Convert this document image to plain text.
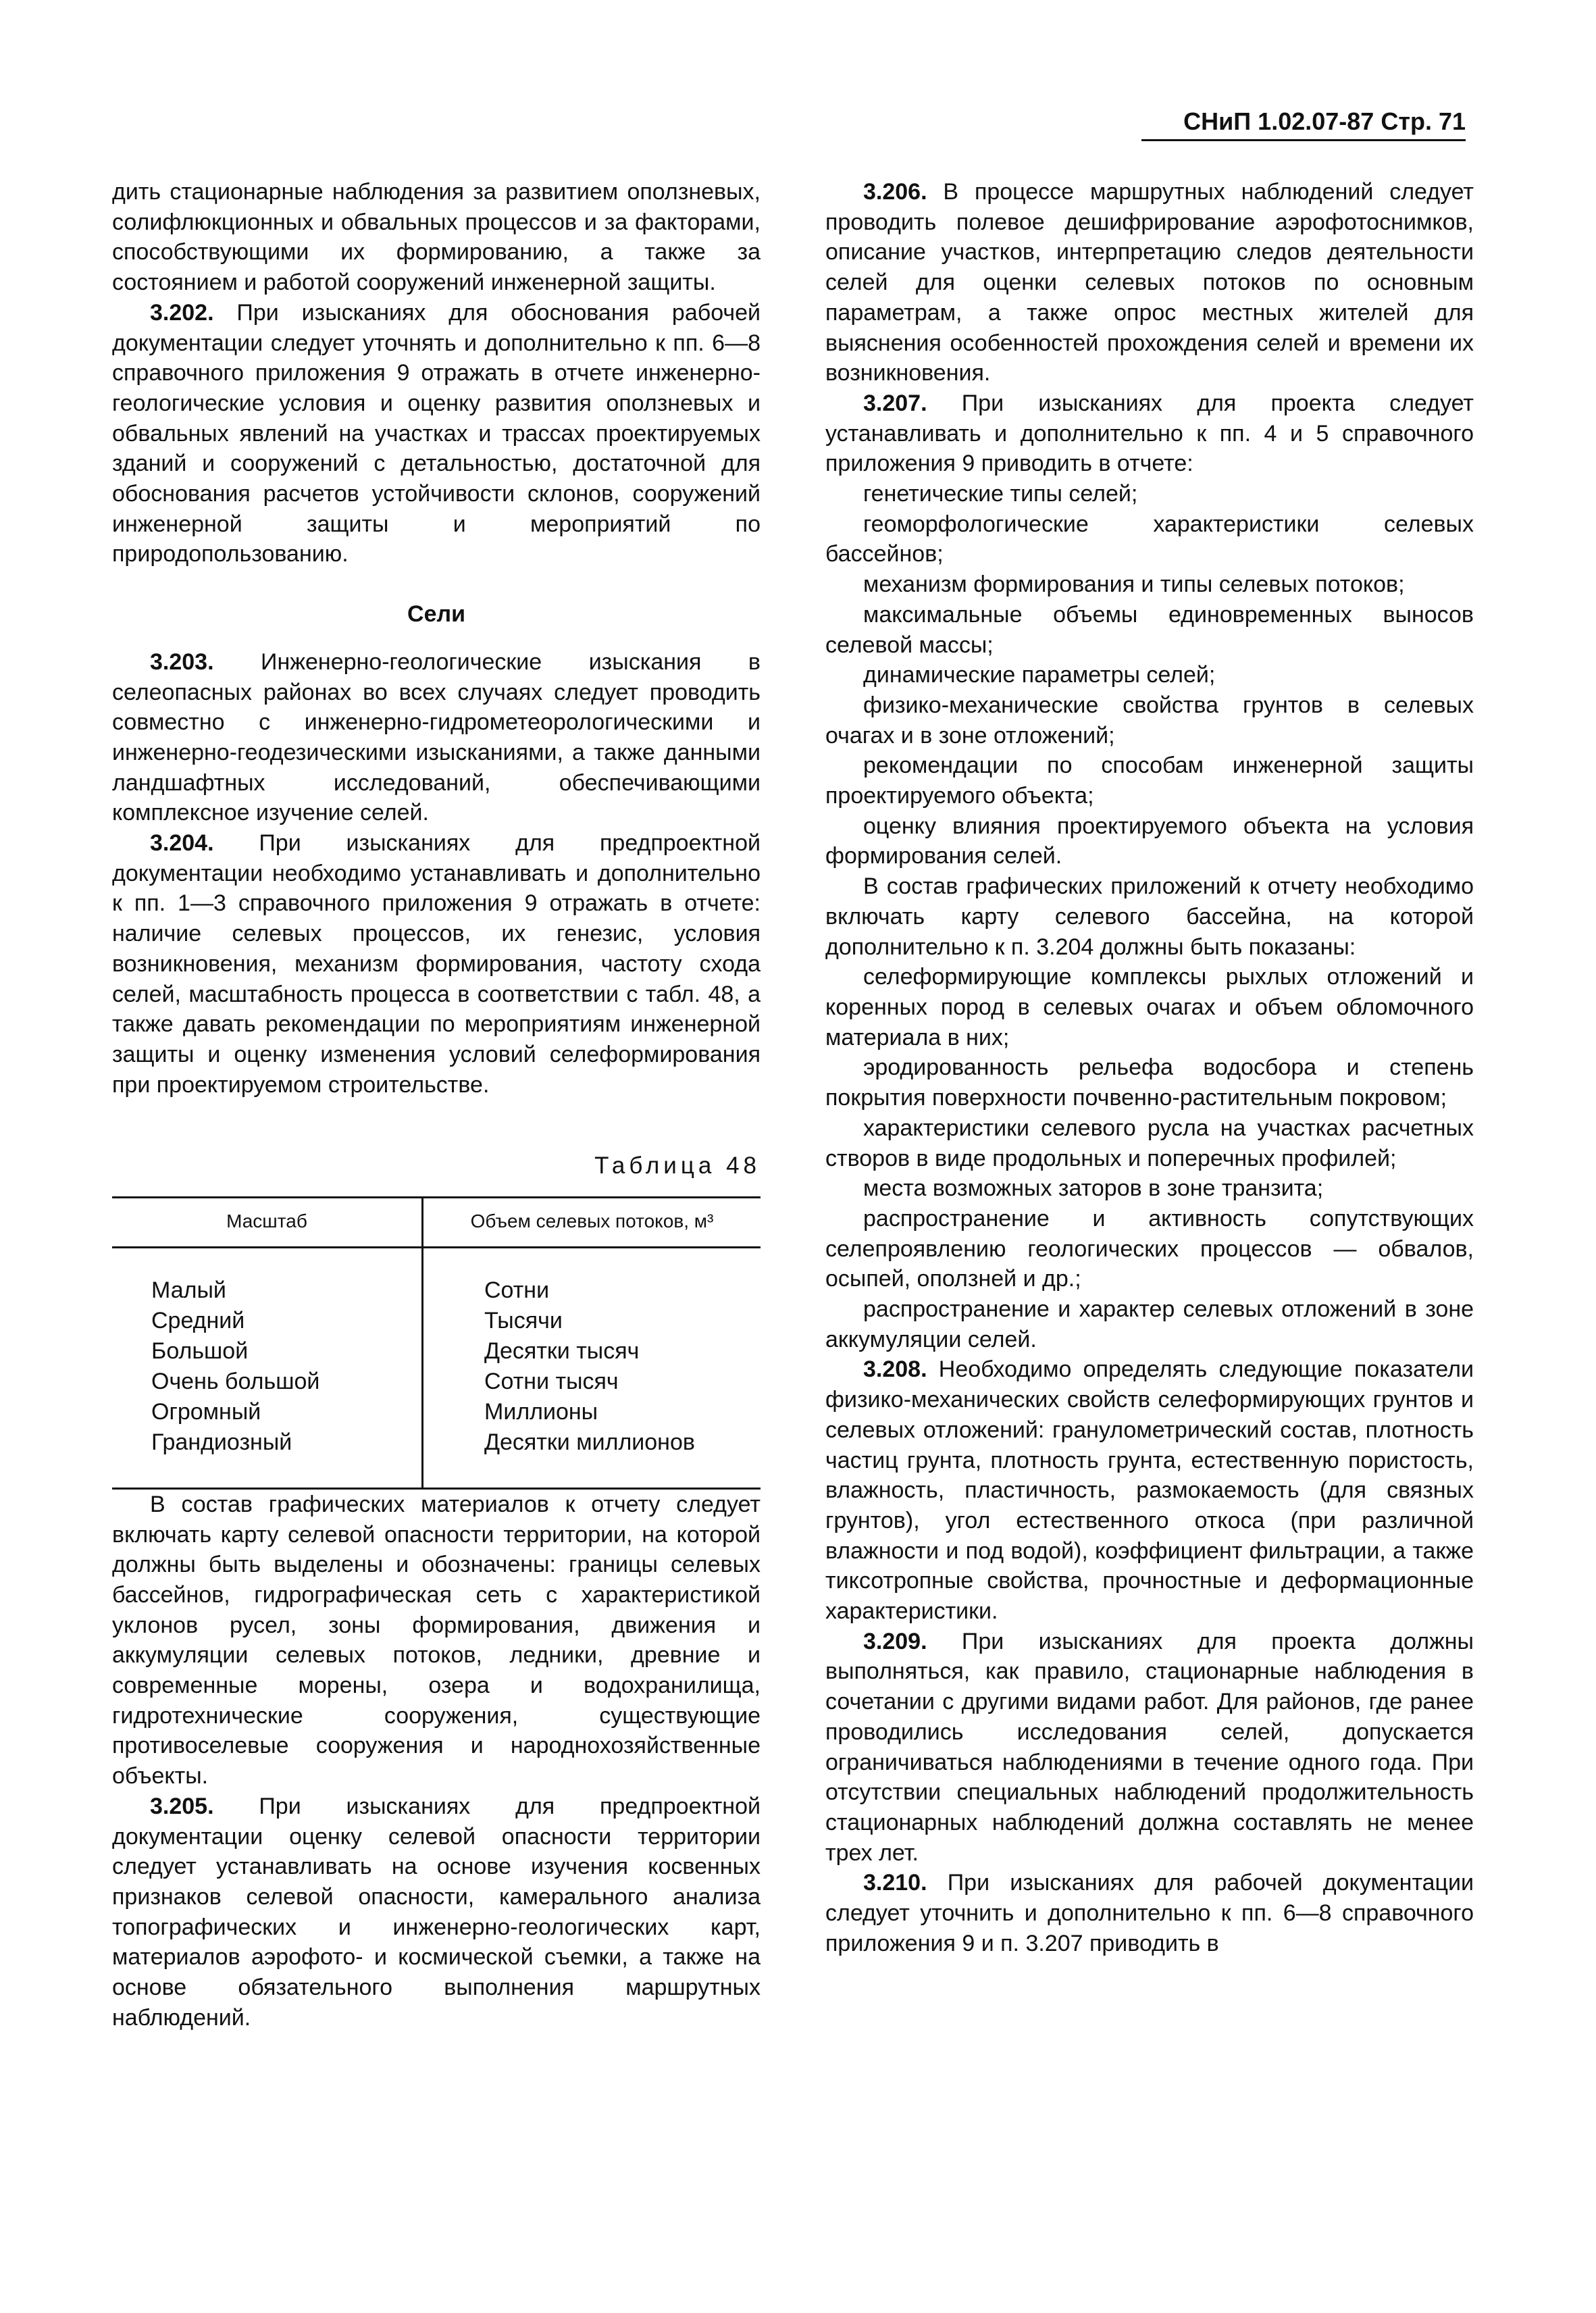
СНиП 1.02.07-87 Стр. 71

дить стационарные наблюдения за развитием оползневых, солифлюкционных и обвальных процессов и за факторами, способствующими их формированию, а также за состоянием и работой сооружений инженерной защиты.

3.202. При изысканиях для обоснования рабочей документации следует уточнять и дополнительно к пп. 6—8 справочного приложения 9 отражать в отчете инженерно-геологические условия и оценку развития оползневых и обвальных явлений на участках и трассах проектируемых зданий и сооружений с детальностью, достаточной для обоснования расчетов устойчивости склонов, сооружений инженерной защиты и мероприятий по природопользованию.

Сели

3.203. Инженерно-геологические изыскания в селеопасных районах во всех случаях следует проводить совместно с инженерно-гидрометеорологическими и инженерно-геодезическими изысканиями, а также данными ландшафтных исследований, обеспечивающими комплексное изучение селей.

3.204. При изысканиях для предпроектной документации необходимо устанавливать и дополнительно к пп. 1—3 справочного приложения 9 отражать в отчете: наличие селевых процессов, их генезис, условия возникновения, механизм формирования, частоту схода селей, масштабность процесса в соответствии с табл. 48, а также давать рекомендации по мероприятиям инженерной защиты и оценку изменения условий селеформирования при проектируемом строительстве.

Таблица 48
Масштаб	Объем селевых потоков, м³
Малый	Сотни
Средний	Тысячи
Большой	Десятки тысяч
Очень большой	Сотни тысяч
Огромный	Миллионы
Грандиозный	Десятки миллионов

В состав графических материалов к отчету следует включать карту селевой опасности территории, на которой должны быть выделены и обозначены: границы селевых бассейнов, гидрографическая сеть с характеристикой уклонов русел, зоны формирования, движения и аккумуляции селевых потоков, ледники, древние и современные морены, озера и водохранилища, гидротехнические сооружения, существующие противоселевые сооружения и народнохозяйственные объекты.

3.205. При изысканиях для предпроектной документации оценку селевой опасности территории следует устанавливать на основе изучения косвенных признаков селевой опасности, камерального анализа топографических и инженерно-геологических карт, материалов аэрофото- и космической съемки, а также на основе обязательного выполнения маршрутных наблюдений.

3.206. В процессе маршрутных наблюдений следует проводить полевое дешифрирование аэрофотоснимков, описание участков, интерпретацию следов деятельности селей для оценки селевых потоков по основным параметрам, а также опрос местных жителей для выяснения особенностей прохождения селей и времени их возникновения.

3.207. При изысканиях для проекта следует устанавливать и дополнительно к пп. 4 и 5 справочного приложения 9 приводить в отчете:

генетические типы селей;

геоморфологические характеристики селевых бассейнов;

механизм формирования и типы селевых потоков;

максимальные объемы единовременных выносов селевой массы;

динамические параметры селей;

физико-механические свойства грунтов в селевых очагах и в зоне отложений;

рекомендации по способам инженерной защиты проектируемого объекта;

оценку влияния проектируемого объекта на условия формирования селей.

В состав графических приложений к отчету необходимо включать карту селевого бассейна, на которой дополнительно к п. 3.204 должны быть показаны:

селеформирующие комплексы рыхлых отложений и коренных пород в селевых очагах и объем обломочного материала в них;

эродированность рельефа водосбора и степень покрытия поверхности почвенно-растительным покровом;

характеристики селевого русла на участках расчетных створов в виде продольных и поперечных профилей;

места возможных заторов в зоне транзита;

распространение и активность сопутствующих селепроявлению геологических процессов — обвалов, осыпей, оползней и др.;

распространение и характер селевых отложений в зоне аккумуляции селей.

3.208. Необходимо определять следующие показатели физико-механических свойств селеформирующих грунтов и селевых отложений: гранулометрический состав, плотность частиц грунта, плотность грунта, естественную пористость, влажность, пластичность, размокаемость (для связных грунтов), угол естественного откоса (при различной влажности и под водой), коэффициент фильтрации, а также тиксотропные свойства, прочностные и деформационные характеристики.

3.209. При изысканиях для проекта должны выполняться, как правило, стационарные наблюдения в сочетании с другими видами работ. Для районов, где ранее проводились исследования селей, допускается ограничиваться наблюдениями в течение одного года. При отсутствии специальных наблюдений продолжительность стационарных наблюдений должна составлять не менее трех лет.

3.210. При изысканиях для рабочей документации следует уточнить и дополнительно к пп. 6—8 справочного приложения 9 и п. 3.207 приводить в
